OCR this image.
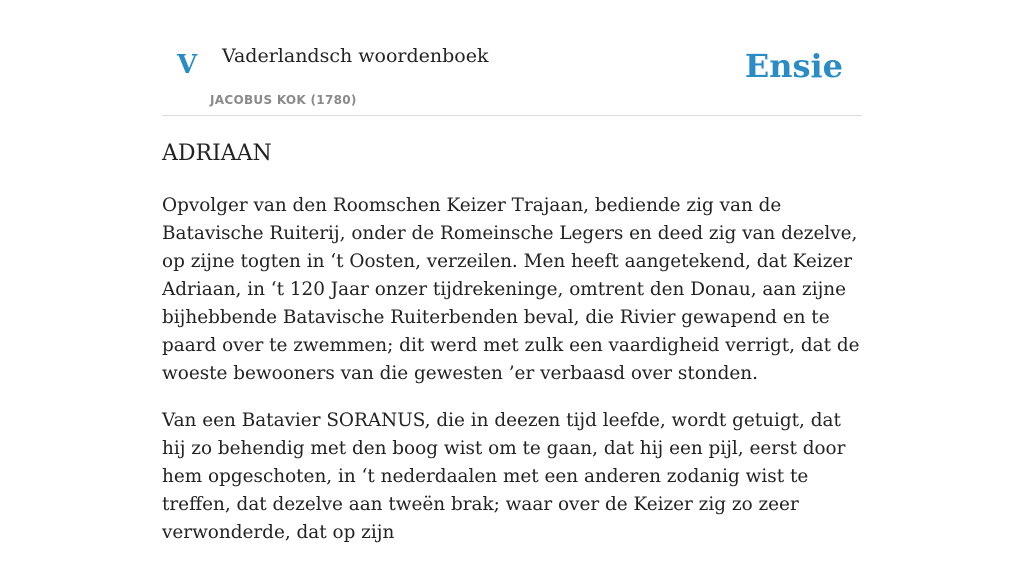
V Vaderlandsch woordenboek
JACOBUS KOK (1780)
Ensie
ADRIAAN

Opvolger van den Roomschen Keizer Trajaan, bediende zig van de Batavische Ruiterij, onder de Romeinsche Legers en deed zig van dezelve, op zijne togten in ‘t Oosten, verzeilen. Men heeft aangetekend, dat Keizer Adriaan, in ‘t 120 Jaar onzer tijdrekeninge, omtrent den Donau, aan zijne bijhebbende Batavische Ruiterbenden beval, die Rivier gewapend en te paard over te zwemmen; dit werd met zulk een vaardigheid verrigt, dat de woeste bewooners van die gewesten ’er verbaasd over stonden.

Van een Batavier SORANUS, die in deezen tijd leefde, wordt getuigt, dat hij zo behendig met den boog wist om te gaan, dat hij een pijl, eerst door hem opgeschoten, in ‘t nederdaalen met een anderen zodanig wist te treffen, dat dezelve aan tweën brak; waar over de Keizer zig zo zeer verwonderde, dat op zijn
